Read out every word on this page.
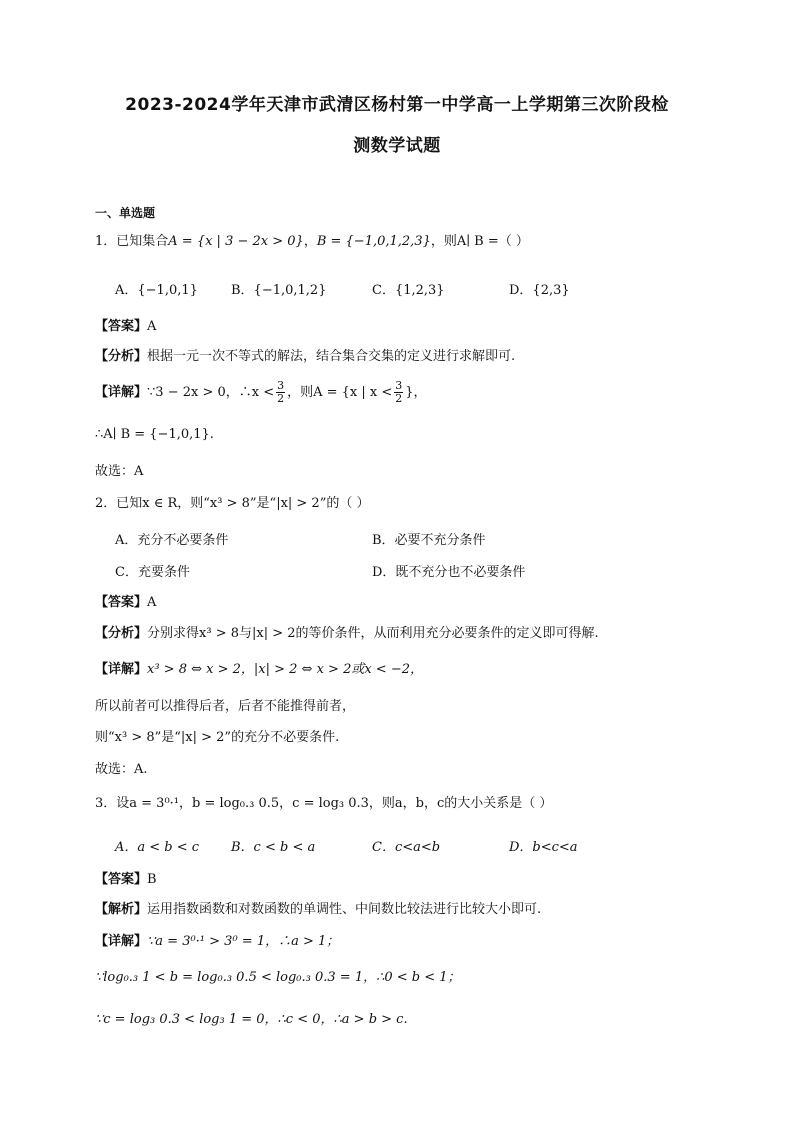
2023-2024学年天津市武清区杨村第一中学高一上学期第三次阶段检
测数学试题
一、单选题
1．已知集合A = {x | 3 − 2x > 0}，B = {−1,0,1,2,3}，则A∣ B =（ ）
A．{−1,0,1}	B．{−1,0,1,2}	C．{1,2,3}	D．{2,3}
【答案】A
【分析】根据一元一次不等式的解法，结合集合交集的定义进行求解即可.
【详解】∵3 − 2x > 0，∴x < $\frac{3}{2}$ ，则A = {x | $x < \frac{3}{2}$ }，
∴A∣ B = {−1,0,1}.
故选：A
2．已知x ∈ R，则“x³ > 8”是“|x| > 2”的（ ）
A．充分不必要条件	B．必要不充分条件
C．充要条件	D．既不充分也不必要条件
【答案】A
【分析】分别求得x³ > 8与|x| > 2的等价条件，从而利用充分必要条件的定义即可得解.
【详解】x³ > 8 ⇔ x > 2，|x| > 2 ⇔ x > 2或x < −2，
所以前者可以推得后者，后者不能推得前者，
则“x³ > 8”是“|x| > 2”的充分不必要条件.
故选：A.
3．设a = 3⁰·¹，b = log₀.₃ 0.5，c = log₃ 0.3，则a，b，c的大小关系是（ ）
A．a < b < c B．c < b < a	C．c<a<b	D．b<c<a
【答案】B
【解析】运用指数函数和对数函数的单调性、中间数比较法进行比较大小即可.
【详解】∵a = 3⁰·¹ > 3⁰ = 1，∴a > 1；
∵log₀.₃ 1 < b = log₀.₃ 0.5 < log₀.₃ 0.3 = 1，∴0 < b < 1；
∵c = log₃ 0.3 < log₃ 1 = 0，∴c < 0，∴a > b > c.
